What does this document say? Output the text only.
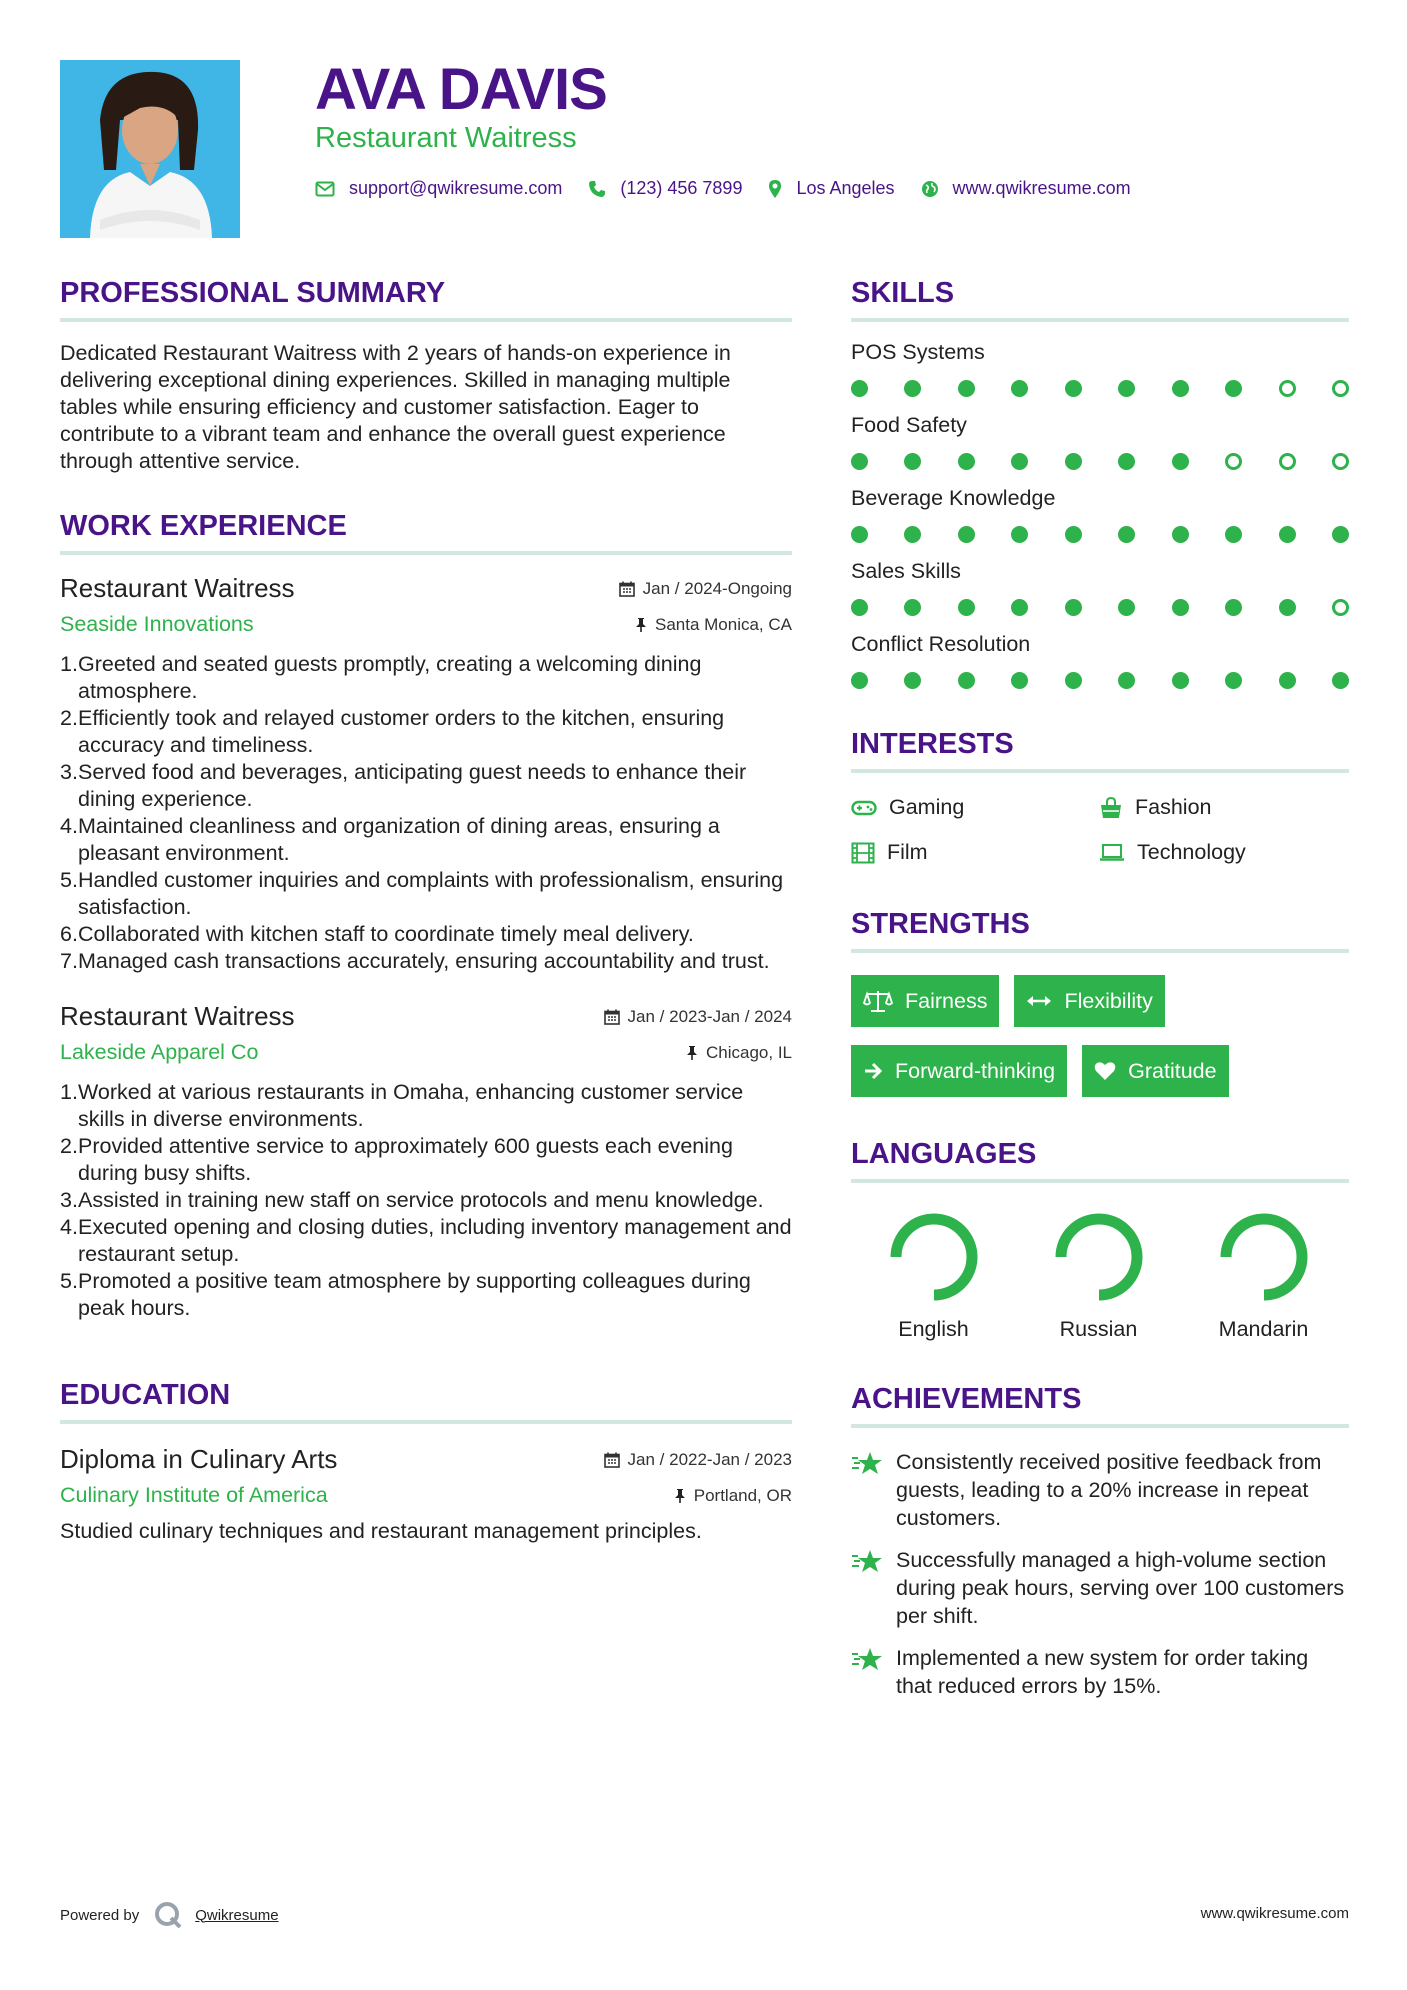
AVA DAVIS
Restaurant Waitress
support@qwikresume.com	(123) 456 7899	Los Angeles	www.qwikresume.com
PROFESSIONAL SUMMARY

Dedicated Restaurant Waitress with 2 years of hands-on experience in delivering exceptional dining experiences. Skilled in managing multiple tables while ensuring efficiency and customer satisfaction. Eager to contribute to a vibrant team and enhance the overall guest experience through attentive service.

WORK EXPERIENCE
Restaurant Waitress	Jan / 2024-Ongoing
Seaside Innovations	Santa Monica, CA
1. Greeted and seated guests promptly, creating a welcoming dining atmosphere.
2. Efficiently took and relayed customer orders to the kitchen, ensuring accuracy and timeliness.
3. Served food and beverages, anticipating guest needs to enhance their dining experience.
4. Maintained cleanliness and organization of dining areas, ensuring a pleasant environment.
5. Handled customer inquiries and complaints with professionalism, ensuring satisfaction.
6. Collaborated with kitchen staff to coordinate timely meal delivery.
7. Managed cash transactions accurately, ensuring accountability and trust.
Restaurant Waitress	Jan / 2023-Jan / 2024
Lakeside Apparel Co	Chicago, IL
1. Worked at various restaurants in Omaha, enhancing customer service skills in diverse environments.
2. Provided attentive service to approximately 600 guests each evening during busy shifts.
3. Assisted in training new staff on service protocols and menu knowledge.
4. Executed opening and closing duties, including inventory management and restaurant setup.
5. Promoted a positive team atmosphere by supporting colleagues during peak hours.
EDUCATION
Diploma in Culinary Arts	Jan / 2022-Jan / 2023
Culinary Institute of America	Portland, OR

Studied culinary techniques and restaurant management principles.

SKILLS
POS Systems
Food Safety
Beverage Knowledge
Sales Skills
Conflict Resolution
INTERESTS
Gaming	Fashion
Film	Technology
STRENGTHS
Fairness	Flexibility
Forward-thinking	Gratitude
LANGUAGES
English	Russian	Mandarin
ACHIEVEMENTS
Consistently received positive feedback from guests, leading to a 20% increase in repeat customers.
Successfully managed a high-volume section during peak hours, serving over 100 customers per shift.
Implemented a new system for order taking that reduced errors by 15%.
Powered by	Qwikresume	www.qwikresume.com
